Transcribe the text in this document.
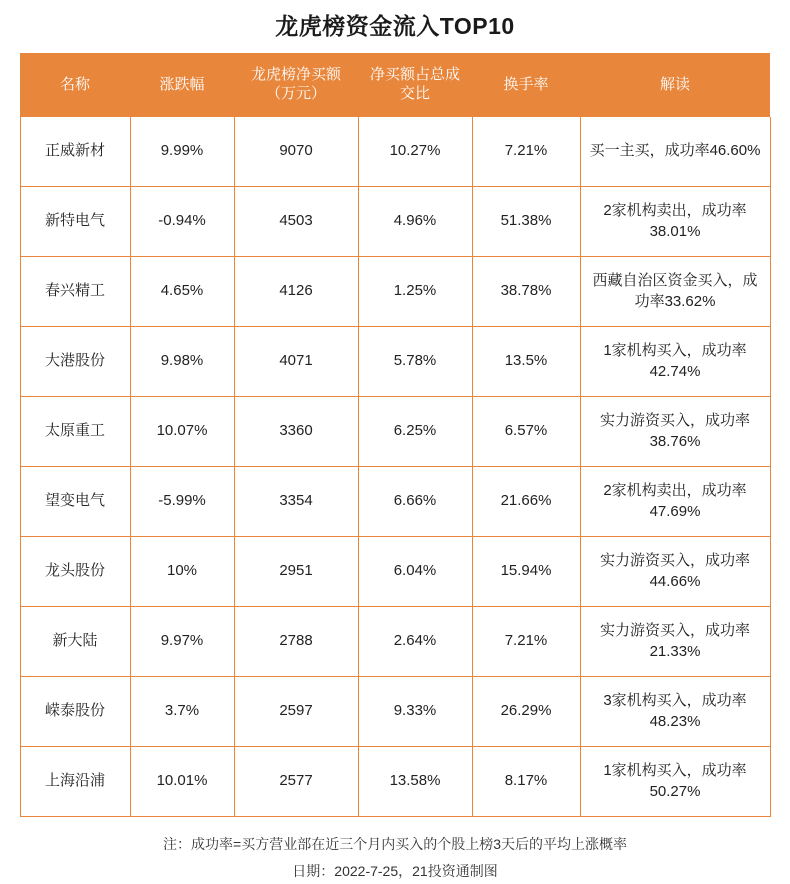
龙虎榜资金流入TOP10
名称	涨跌幅	龙虎榜净买额（万元）	净买额占总成交比	换手率	解读
正威新材	9.99%	9070	10.27%	7.21%	买一主买，成功率46.60%
新特电气	-0.94%	4503	4.96%	51.38%	2家机构卖出，成功率38.01%
春兴精工	4.65%	4126	1.25%	38.78%	西藏自治区资金买入，成功率33.62%
大港股份	9.98%	4071	5.78%	13.5%	1家机构买入，成功率42.74%
太原重工	10.07%	3360	6.25%	6.57%	实力游资买入，成功率38.76%
望变电气	-5.99%	3354	6.66%	21.66%	2家机构卖出，成功率47.69%
龙头股份	10%	2951	6.04%	15.94%	实力游资买入，成功率44.66%
新大陆	9.97%	2788	2.64%	7.21%	实力游资买入，成功率21.33%
嵘泰股份	3.7%	2597	9.33%	26.29%	3家机构买入，成功率48.23%
上海沿浦	10.01%	2577	13.58%	8.17%	1家机构买入，成功率50.27%
注：成功率=买方营业部在近三个月内买入的个股上榜3天后的平均上涨概率
日期：2022-7-25，21投资通制图
